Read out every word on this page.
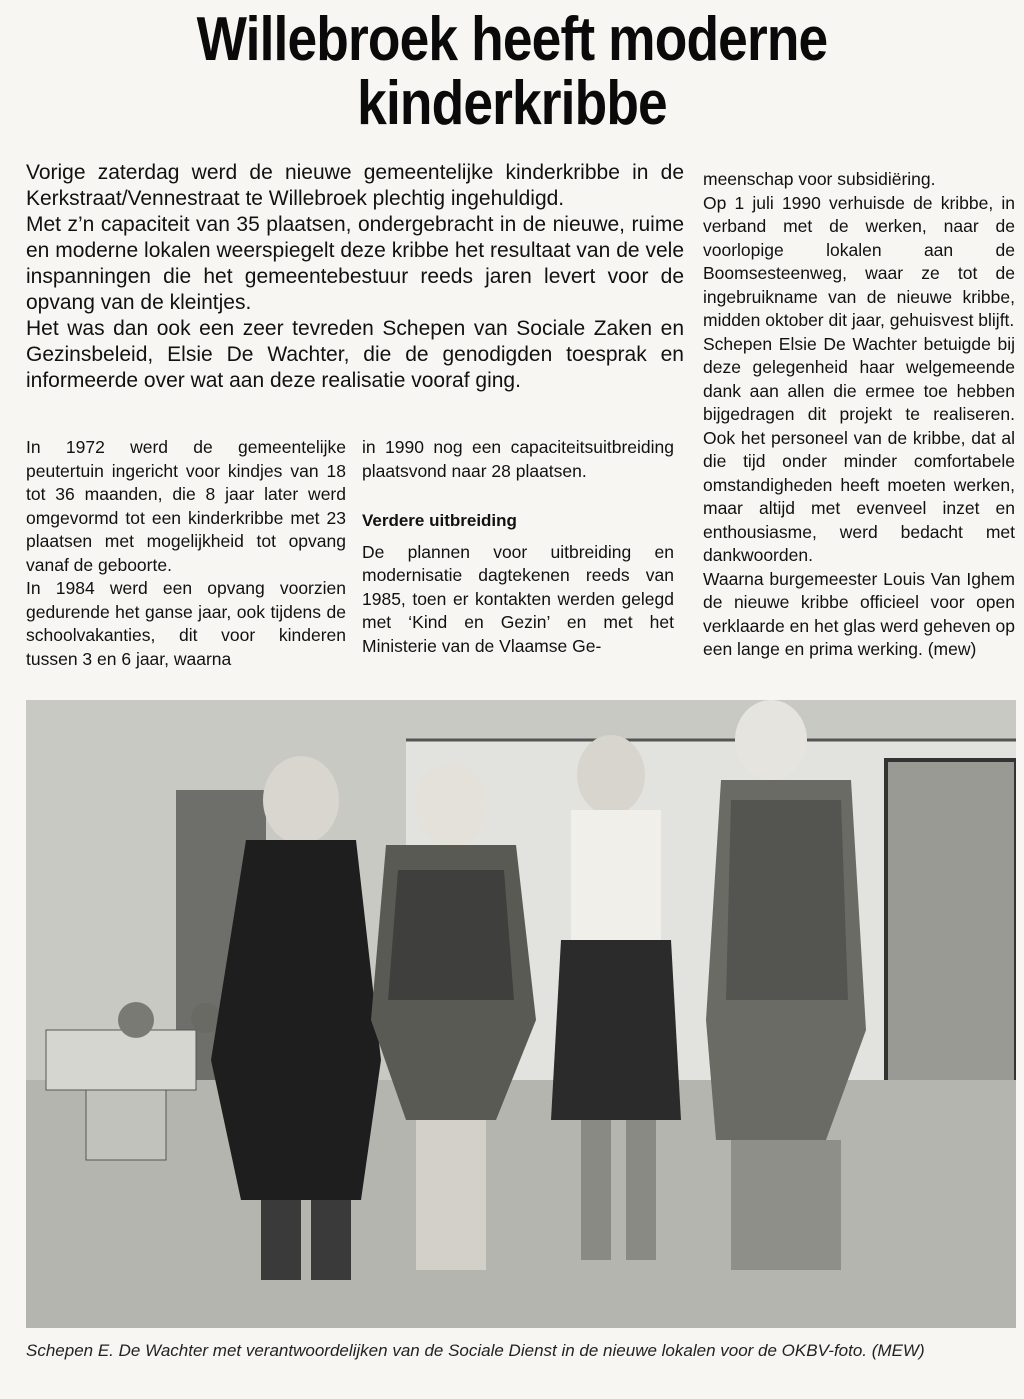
Willebroek heeft moderne
kinderkribbe

Vorige zaterdag werd de nieuwe gemeentelijke kinderkribbe in de Kerkstraat/Vennestraat te Willebroek plechtig ingehuldigd.

Met z’n capaciteit van 35 plaatsen, ondergebracht in de nieuwe, ruime en moderne lokalen weerspiegelt deze kribbe het resultaat van de vele inspanningen die het gemeentebestuur reeds jaren levert voor de opvang van de kleintjes.

Het was dan ook een zeer tevreden Schepen van Sociale Zaken en Gezinsbeleid, Elsie De Wachter, die de genodigden toesprak en informeerde over wat aan deze realisatie vooraf ging.

In 1972 werd de gemeentelijke peutertuin ingericht voor kindjes van 18 tot 36 maanden, die 8 jaar later werd omgevormd tot een kinderkribbe met 23 plaatsen met mogelijkheid tot opvang vanaf de geboorte.

In 1984 werd een opvang voorzien gedurende het ganse jaar, ook tijdens de schoolvakanties, dit voor kinderen tussen 3 en 6 jaar, waarna

in 1990 nog een capaciteitsuitbreiding plaatsvond naar 28 plaatsen.

Verdere uitbreiding

De plannen voor uitbreiding en modernisatie dagtekenen reeds van 1985, toen er kontakten werden gelegd met ‘Kind en Gezin’ en met het Ministerie van de Vlaamse Ge-

meenschap voor subsidiëring.

Op 1 juli 1990 verhuisde de kribbe, in verband met de werken, naar de voorlopige lokalen aan de Boomsesteenweg, waar ze tot de ingebruikname van de nieuwe kribbe, midden oktober dit jaar, gehuisvest blijft.

Schepen Elsie De Wachter betuigde bij deze gelegenheid haar welgemeende dank aan allen die ermee toe hebben bijgedragen dit projekt te realiseren. Ook het personeel van de kribbe, dat al die tijd onder minder comfortabele omstandigheden heeft moeten werken, maar altijd met evenveel inzet en enthousiasme, werd bedacht met dankwoorden.

Waarna burgemeester Louis Van Ighem de nieuwe kribbe officieel voor open verklaarde en het glas werd geheven op een lange en prima werking. (mew)

Schepen E. De Wachter met verantwoordelijken van de Sociale Dienst in de nieuwe lokalen voor de OKBV-foto. (MEW)
